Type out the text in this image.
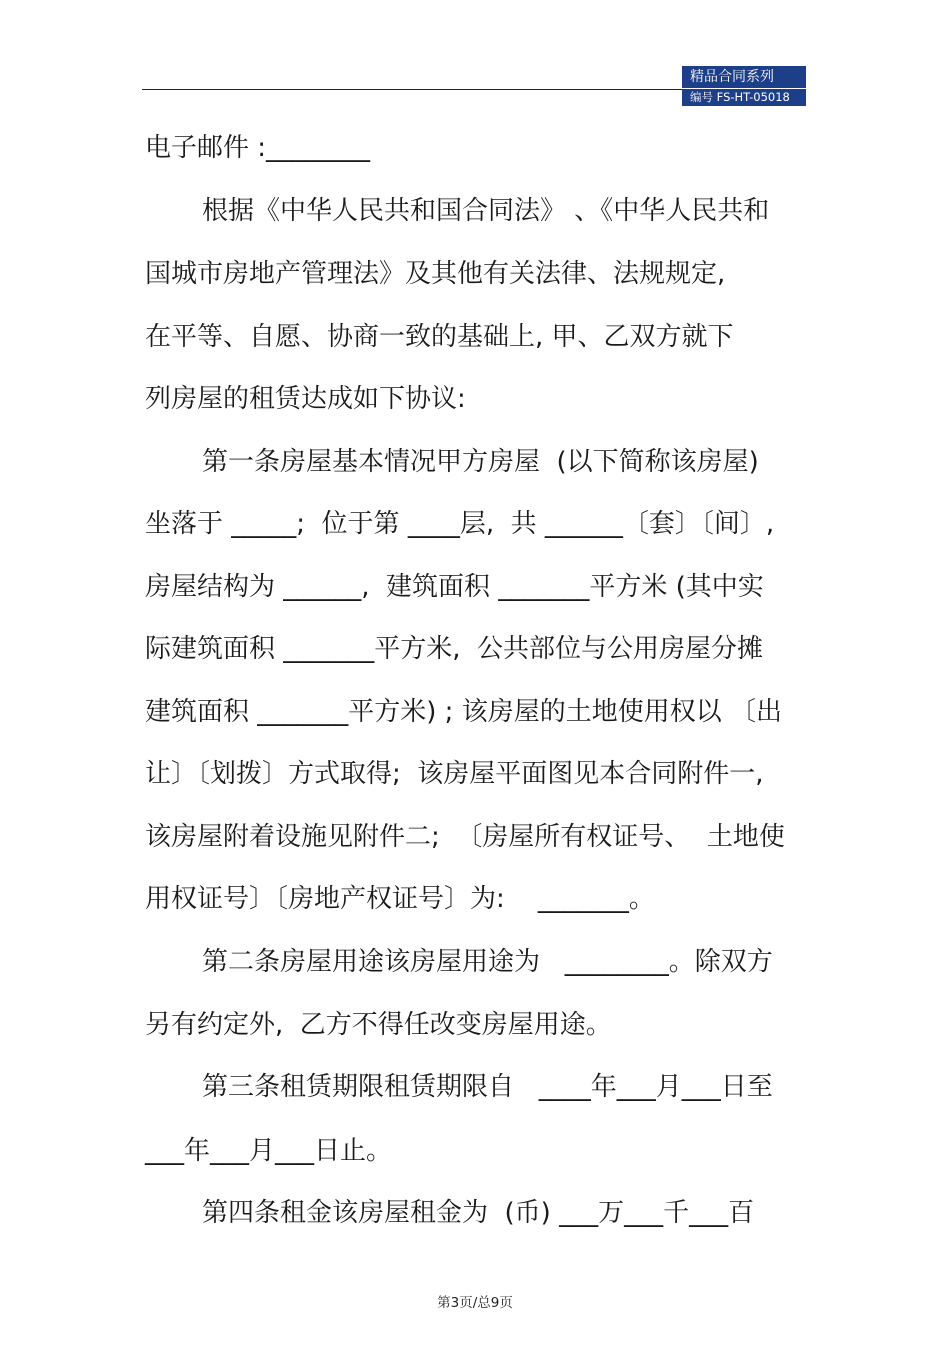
精品合同系列
编号 FS-HT-05018
电子邮件 :________
根据《中华人民共和国合同法》 、《中华人民共和
国城市房地产管理法》及其他有关法律、法规规定,
在平等、自愿、协商一致的基础上, 甲、乙双方就下
列房屋的租赁达成如下协议:
第一条房屋基本情况甲方房屋  (以下简称该房屋)
坐落于 _____;  位于第 ____层,  共 ______〔套〕〔间〕,
房屋结构为 ______,  建筑面积 _______平方米 (其中实
际建筑面积 _______平方米,  公共部位与公用房屋分摊
建筑面积 _______平方米) ; 该房屋的土地使用权以 〔出
让〕〔划拨〕方式取得;  该房屋平面图见本合同附件一,
该房屋附着设施见附件二;  〔房屋所有权证号、  土地使
用权证号〕〔房地产权证号〕为:    _______。
第二条房屋用途该房屋用途为   ________。除双方
另有约定外,  乙方不得任改变房屋用途。
第三条租赁期限租赁期限自   ____年___月___日至
___年___月___日止。
第四条租金该房屋租金为  (币) ___万___千___百
第3页/总9页
